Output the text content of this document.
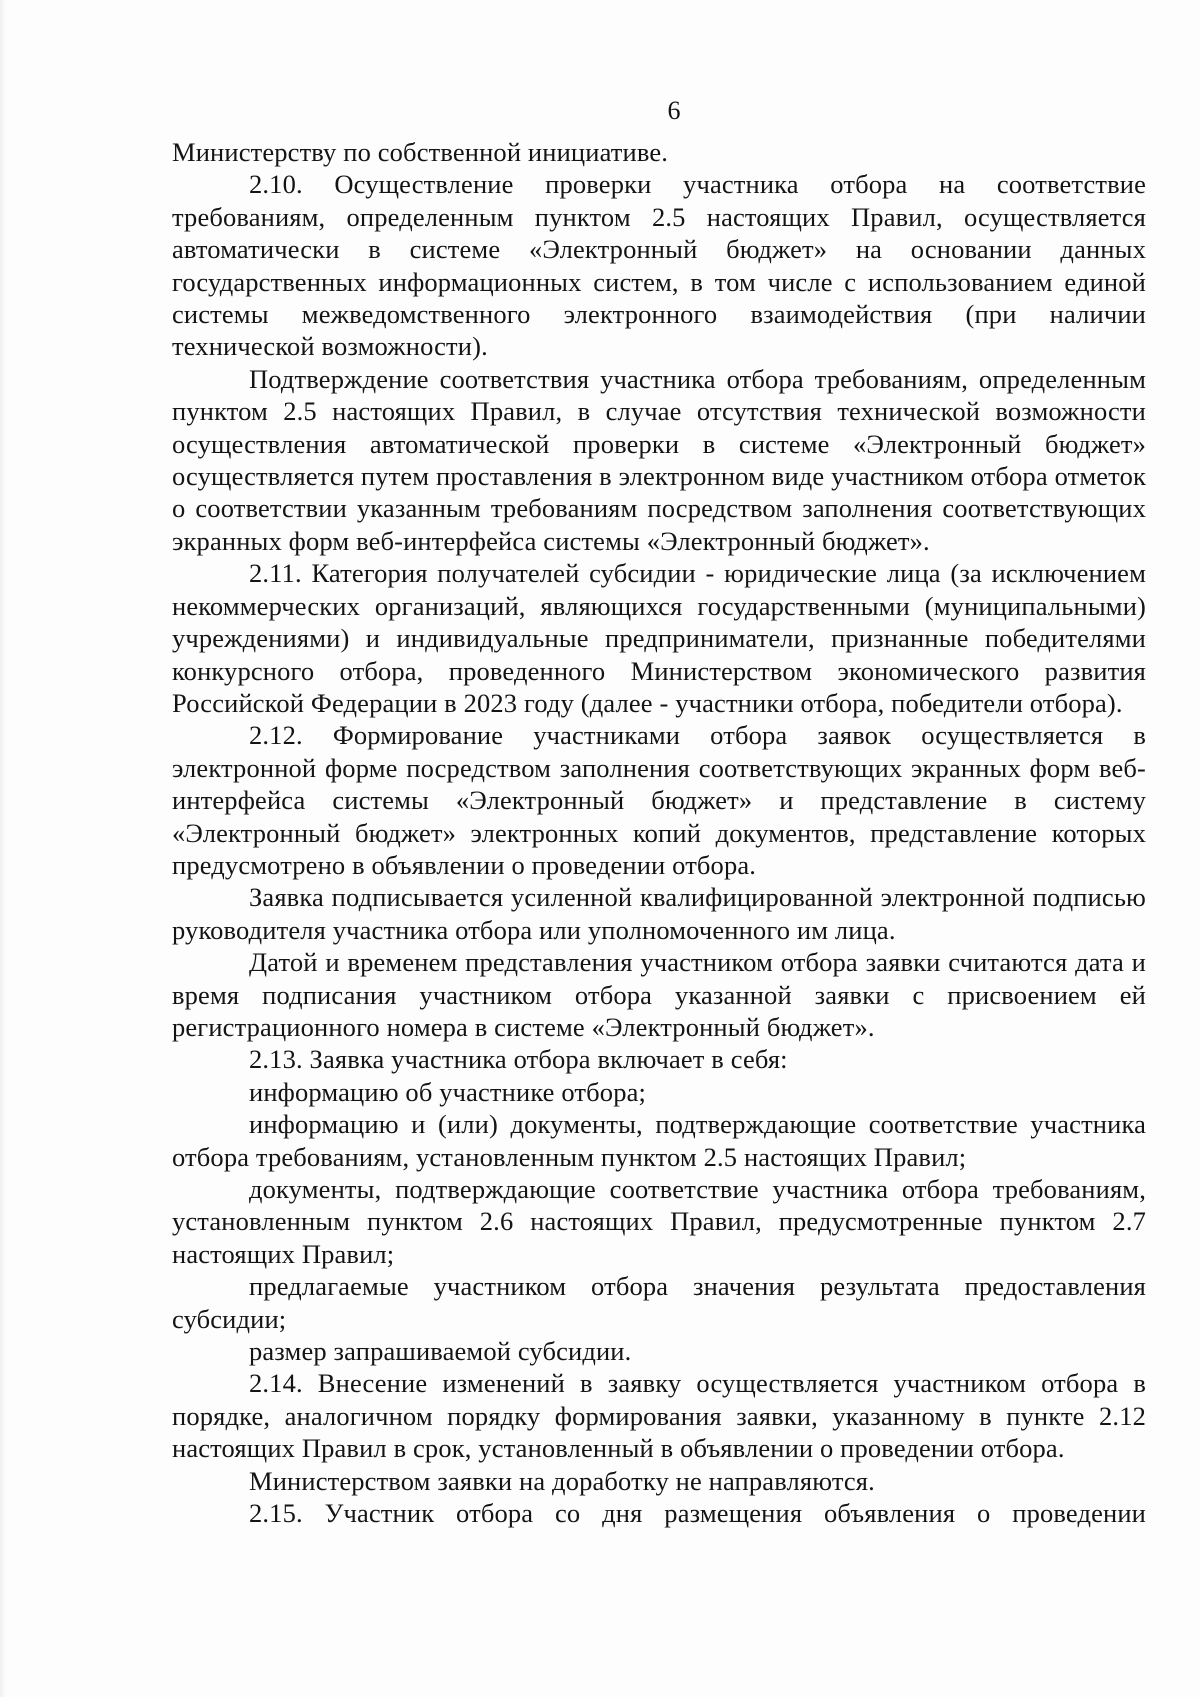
6

Министерству по собственной инициативе.

2.10. Осуществление проверки участника отбора на соответствие требованиям, определенным пунктом 2.5 настоящих Правил, осуществляется автоматически в системе «Электронный бюджет» на основании данных государственных информационных систем, в том числе с использованием единой системы межведомственного электронного взаимодействия (при наличии технической возможности).

Подтверждение соответствия участника отбора требованиям, определенным пунктом 2.5 настоящих Правил, в случае отсутствия технической возможности осуществления автоматической проверки в системе «Электронный бюджет» осуществляется путем проставления в электронном виде участником отбора отметок о соответствии указанным требованиям посредством заполнения соответствующих экранных форм веб-интерфейса системы «Электронный бюджет».

2.11. Категория получателей субсидии - юридические лица (за исключением некоммерческих организаций, являющихся государственными (муниципальными) учреждениями) и индивидуальные предприниматели, признанные победителями конкурсного отбора, проведенного Министерством экономического развития Российской Федерации в 2023 году (далее - участники отбора, победители отбора).

2.12. Формирование участниками отбора заявок осуществляется в электронной форме посредством заполнения соответствующих экранных форм веб-интерфейса системы «Электронный бюджет» и представление в систему «Электронный бюджет» электронных копий документов, представление которых предусмотрено в объявлении о проведении отбора.

Заявка подписывается усиленной квалифицированной электронной подписью руководителя участника отбора или уполномоченного им лица.

Датой и временем представления участником отбора заявки считаются дата и время подписания участником отбора указанной заявки с присвоением ей регистрационного номера в системе «Электронный бюджет».

2.13. Заявка участника отбора включает в себя:

информацию об участнике отбора;

информацию и (или) документы, подтверждающие соответствие участника отбора требованиям, установленным пунктом 2.5 настоящих Правил;

документы, подтверждающие соответствие участника отбора требованиям, установленным пунктом 2.6 настоящих Правил, предусмотренные пунктом 2.7 настоящих Правил;

предлагаемые участником отбора значения результата предоставления субсидии;

размер запрашиваемой субсидии.

2.14. Внесение изменений в заявку осуществляется участником отбора в порядке, аналогичном порядку формирования заявки, указанному в пункте 2.12 настоящих Правил в срок, установленный в объявлении о проведении отбора.

Министерством заявки на доработку не направляются.

2.15. Участник отбора со дня размещения объявления о проведении
